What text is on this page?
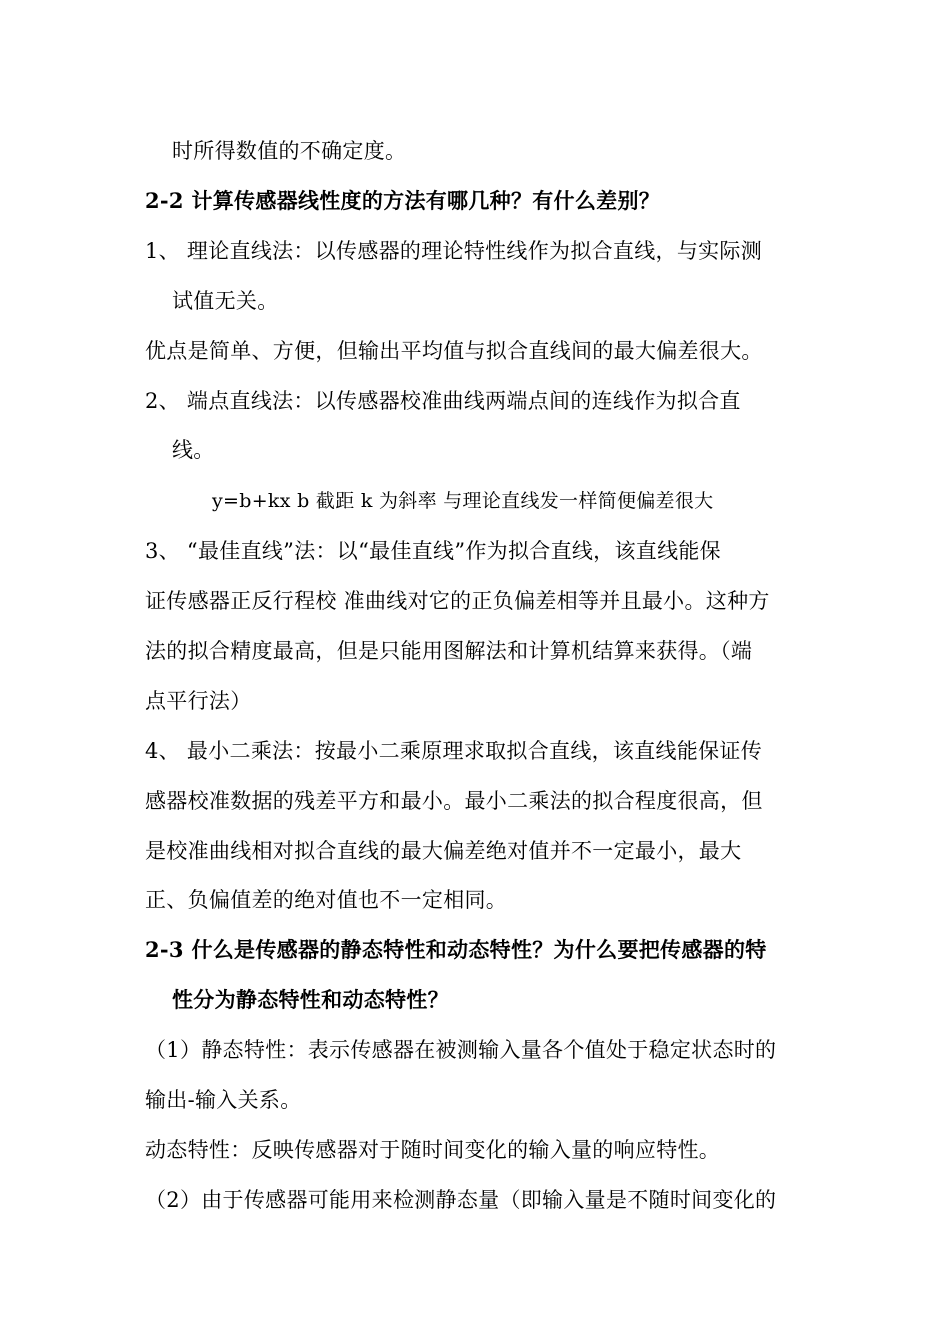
时所得数值的不确定度。
2-2 计算传感器线性度的方法有哪几种？有什么差别？
1、 理论直线法：以传感器的理论特性线作为拟合直线，与实际测
试值无关。
优点是简单、方便，但输出平均值与拟合直线间的最大偏差很大。
2、 端点直线法：以传感器校准曲线两端点间的连线作为拟合直
线。
y=b+kx b 截距 k 为斜率 与理论直线发一样简便偏差很大
3、 “最佳直线”法：以“最佳直线”作为拟合直线，该直线能保
证传感器正反行程校 准曲线对它的正负偏差相等并且最小。这种方
法的拟合精度最高，但是只能用图解法和计算机结算来获得。（端
点平行法）
4、 最小二乘法：按最小二乘原理求取拟合直线，该直线能保证传
感器校准数据的残差平方和最小。最小二乘法的拟合程度很高，但
是校准曲线相对拟合直线的最大偏差绝对值并不一定最小，最大
正、负偏值差的绝对值也不一定相同。
2-3 什么是传感器的静态特性和动态特性？为什么要把传感器的特
性分为静态特性和动态特性？
（1）静态特性：表示传感器在被测输入量各个值处于稳定状态时的
输出-输入关系。
动态特性：反映传感器对于随时间变化的输入量的响应特性。
（2）由于传感器可能用来检测静态量（即输入量是不随时间变化的
